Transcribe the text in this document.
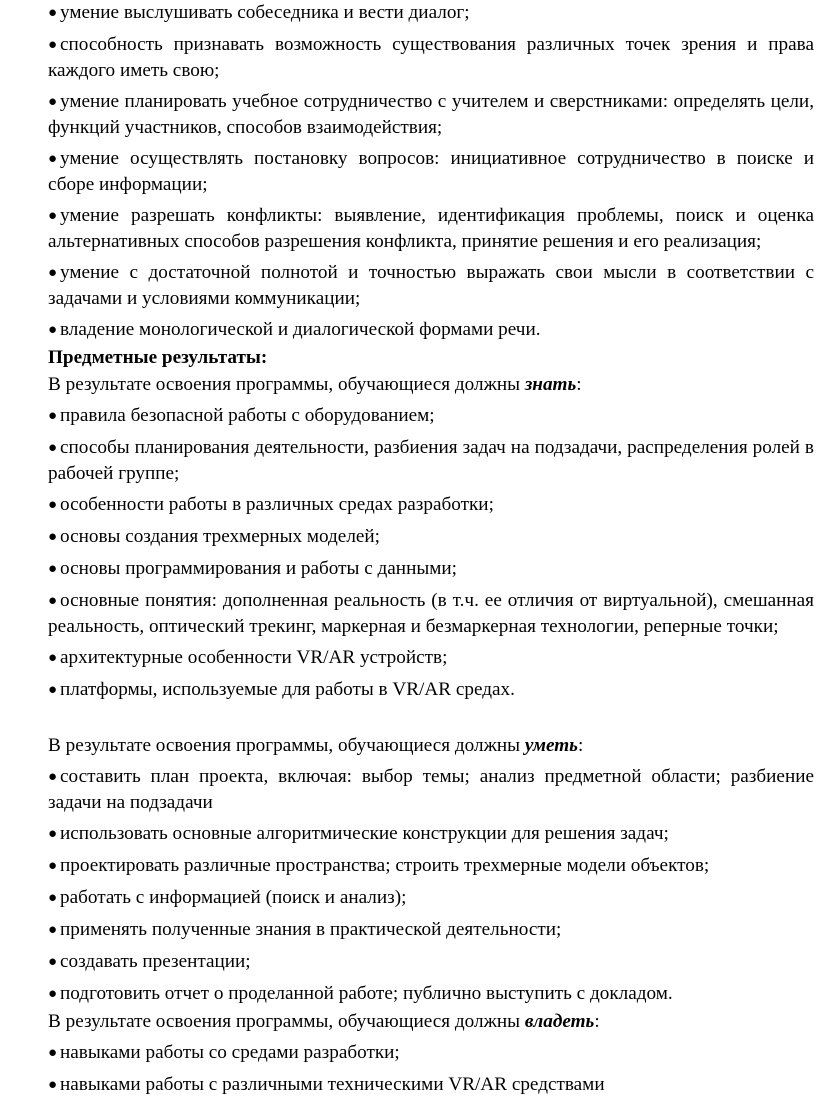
● умение выслушивать собеседника и вести диалог;
● способность признавать возможность существования различных точек зрения и права каждого иметь свою;
● умение планировать учебное сотрудничество с учителем и сверстниками: определять цели, функций участников, способов взаимодействия;
● умение осуществлять постановку вопросов: инициативное сотрудничество в поиске и сборе информации;
● умение разрешать конфликты: выявление, идентификация проблемы, поиск и оценка альтернативных способов разрешения конфликта, принятие решения и его реализация;
● умение с достаточной полнотой и точностью выражать свои мысли в соответствии с задачами и условиями коммуникации;
● владение монологической и диалогической формами речи.
Предметные результаты:
В результате освоения программы, обучающиеся должны знать:
● правила безопасной работы с оборудованием;
● способы планирования деятельности, разбиения задач на подзадачи, распределения ролей в рабочей группе;
● особенности работы в различных средах разработки;
● основы создания трехмерных моделей;
● основы программирования и работы с данными;
● основные понятия: дополненная реальность (в т.ч. ее отличия от виртуальной), смешанная реальность, оптический трекинг, маркерная и безмаркерная технологии, реперные точки;
● архитектурные особенности VR/AR устройств;
● платформы, используемые для работы в VR/AR средах.
В результате освоения программы, обучающиеся должны уметь:
● составить план проекта, включая: выбор темы; анализ предметной области; разбиение задачи на подзадачи
● использовать основные алгоритмические конструкции для решения задач;
● проектировать различные пространства; строить трехмерные модели объектов;
● работать с информацией (поиск и анализ);
● применять полученные знания в практической деятельности;
● создавать презентации;
● подготовить отчет о проделанной работе; публично выступить с докладом.
В результате освоения программы, обучающиеся должны владеть:
● навыками работы со средами разработки;
● навыками работы с различными техническими VR/AR средствами
